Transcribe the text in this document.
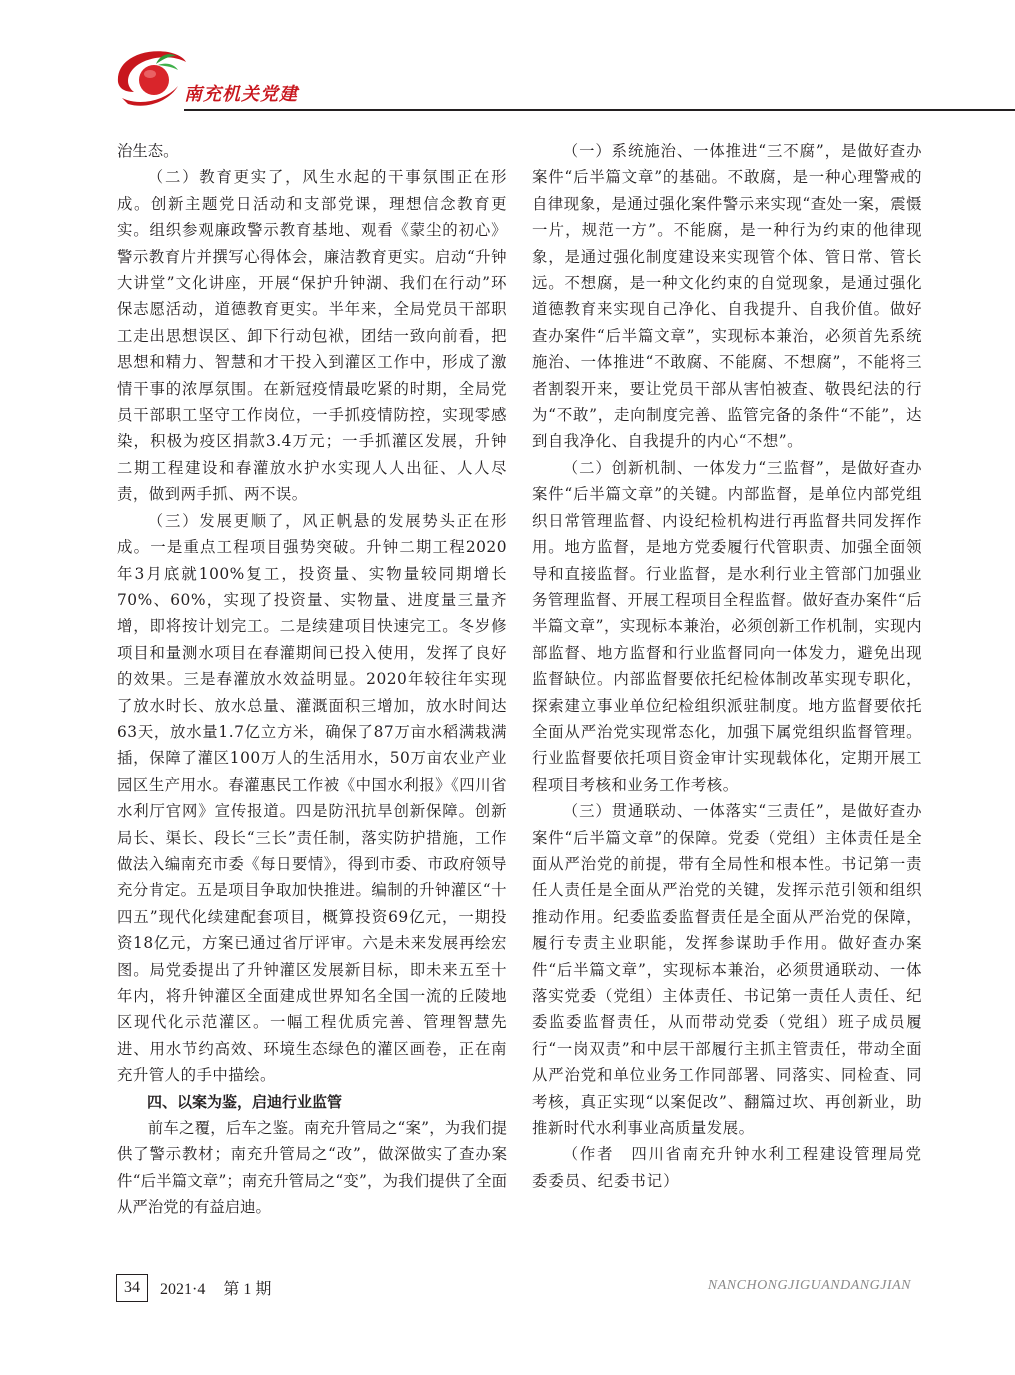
南充机关党建

治生态。

（二）教育更实了，风生水起的干事氛围正在形成。创新主题党日活动和支部党课，理想信念教育更实。组织参观廉政警示教育基地、观看《蒙尘的初心》警示教育片并撰写心得体会，廉洁教育更实。启动“升钟大讲堂”文化讲座，开展“保护升钟湖、我们在行动”环保志愿活动，道德教育更实。半年来，全局党员干部职工走出思想误区、卸下行动包袱，团结一致向前看，把思想和精力、智慧和才干投入到灌区工作中，形成了激情干事的浓厚氛围。在新冠疫情最吃紧的时期，全局党员干部职工坚守工作岗位，一手抓疫情防控，实现零感染，积极为疫区捐款3.4万元；一手抓灌区发展，升钟二期工程建设和春灌放水护水实现人人出征、人人尽责，做到两手抓、两不误。

（三）发展更顺了，风正帆悬的发展势头正在形成。一是重点工程项目强势突破。升钟二期工程2020年3月底就100%复工，投资量、实物量较同期增长70%、60%，实现了投资量、实物量、进度量三量齐增，即将按计划完工。二是续建项目快速完工。冬岁修项目和量测水项目在春灌期间已投入使用，发挥了良好的效果。三是春灌放水效益明显。2020年较往年实现了放水时长、放水总量、灌溉面积三增加，放水时间达63天，放水量1.7亿立方米，确保了87万亩水稻满栽满插，保障了灌区100万人的生活用水，50万亩农业产业园区生产用水。春灌惠民工作被《中国水利报》《四川省水利厅官网》宣传报道。四是防汛抗旱创新保障。创新局长、渠长、段长“三长”责任制，落实防护措施，工作做法入编南充市委《每日要情》，得到市委、市政府领导充分肯定。五是项目争取加快推进。编制的升钟灌区“十四五”现代化续建配套项目，概算投资69亿元，一期投资18亿元，方案已通过省厅评审。六是未来发展再绘宏图。局党委提出了升钟灌区发展新目标，即未来五至十年内，将升钟灌区全面建成世界知名全国一流的丘陵地区现代化示范灌区。一幅工程优质完善、管理智慧先进、用水节约高效、环境生态绿色的灌区画卷，正在南充升管人的手中描绘。

四、以案为鉴，启迪行业监管

前车之覆，后车之鉴。南充升管局之“案”，为我们提供了警示教材；南充升管局之“改”，做深做实了查办案件“后半篇文章”；南充升管局之“变”，为我们提供了全面从严治党的有益启迪。

（一）系统施治、一体推进“三不腐”，是做好查办案件“后半篇文章”的基础。不敢腐，是一种心理警戒的自律现象，是通过强化案件警示来实现“查处一案，震慑一片，规范一方”。不能腐，是一种行为约束的他律现象，是通过强化制度建设来实现管个体、管日常、管长远。不想腐，是一种文化约束的自觉现象，是通过强化道德教育来实现自己净化、自我提升、自我价值。做好查办案件“后半篇文章”，实现标本兼治，必须首先系统施治、一体推进“不敢腐、不能腐、不想腐”，不能将三者割裂开来，要让党员干部从害怕被查、敬畏纪法的行为“不敢”，走向制度完善、监管完备的条件“不能”，达到自我净化、自我提升的内心“不想”。

（二）创新机制、一体发力“三监督”，是做好查办案件“后半篇文章”的关键。内部监督，是单位内部党组织日常管理监督、内设纪检机构进行再监督共同发挥作用。地方监督，是地方党委履行代管职责、加强全面领导和直接监督。行业监督，是水利行业主管部门加强业务管理监督、开展工程项目全程监督。做好查办案件“后半篇文章”，实现标本兼治，必须创新工作机制，实现内部监督、地方监督和行业监督同向一体发力，避免出现监督缺位。内部监督要依托纪检体制改革实现专职化，探索建立事业单位纪检组织派驻制度。地方监督要依托全面从严治党实现常态化，加强下属党组织监督管理。行业监督要依托项目资金审计实现载体化，定期开展工程项目考核和业务工作考核。

（三）贯通联动、一体落实“三责任”，是做好查办案件“后半篇文章”的保障。党委（党组）主体责任是全面从严治党的前提，带有全局性和根本性。书记第一责任人责任是全面从严治党的关键，发挥示范引领和组织推动作用。纪委监委监督责任是全面从严治党的保障，履行专责主业职能，发挥参谋助手作用。做好查办案件“后半篇文章”，实现标本兼治，必须贯通联动、一体落实党委（党组）主体责任、书记第一责任人责任、纪委监委监督责任，从而带动党委（党组）班子成员履行“一岗双责”和中层干部履行主抓主管责任，带动全面从严治党和单位业务工作同部署、同落实、同检查、同考核，真正实现“以案促改”、翻篇过坎、再创新业，助推新时代水利事业高质量发展。

（作者　四川省南充升钟水利工程建设管理局党委委员、纪委书记）

34	2021·4 第 1 期	NANCHONGJIGUANDANGJIAN
